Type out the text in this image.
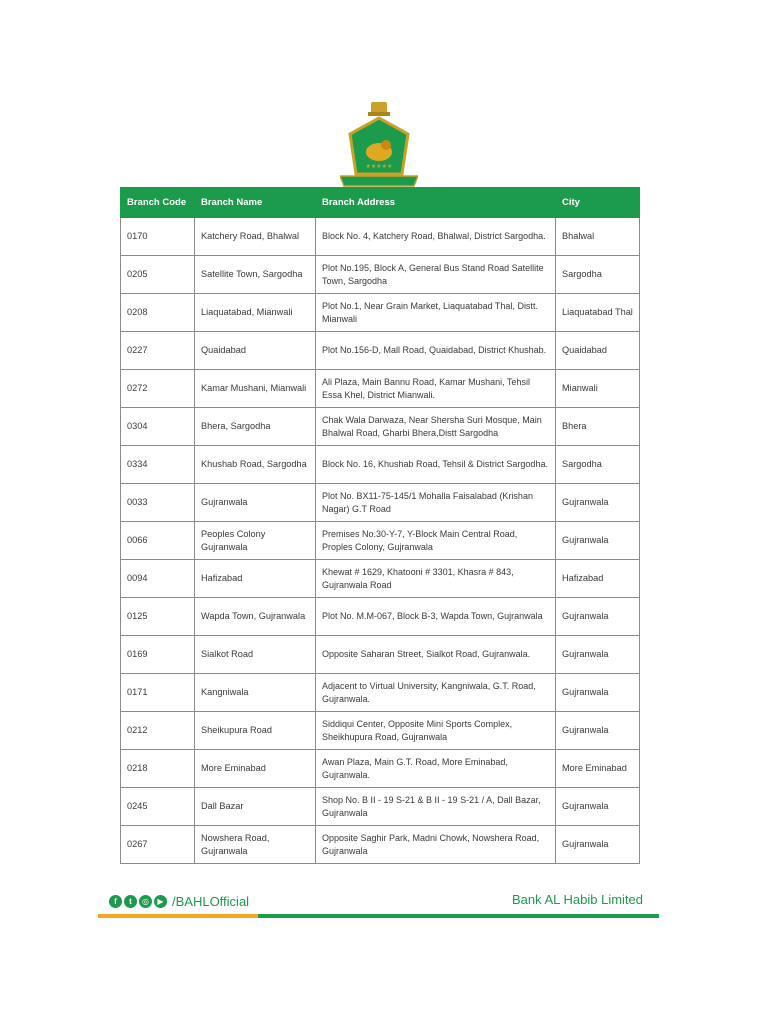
★★★★★
Branch Code	Branch Name	Branch Address	City
0170	Katchery Road, Bhalwal	Block No. 4, Katchery Road, Bhalwal, District Sargodha.	Bhalwal
0205	Satellite Town, Sargodha	Plot No.195, Block A, General Bus Stand Road Satellite Town, Sargodha	Sargodha
0208	Liaquatabad, Mianwali	Plot No.1, Near Grain Market, Liaquatabad Thal, Distt. Mianwali	Liaquatabad Thal
0227	Quaidabad	Plot No.156-D, Mall Road, Quaidabad, District Khushab.	Quaidabad
0272	Kamar Mushani, Mianwali	Ali Plaza, Main Bannu Road, Kamar Mushani, Tehsil Essa Khel, District Mianwali.	Mianwali
0304	Bhera, Sargodha	Chak Wala Darwaza, Near Shersha Suri Mosque, Main Bhalwal Road, Gharbi Bhera,Distt Sargodha	Bhera
0334	Khushab Road, Sargodha	Block No. 16, Khushab Road, Tehsil & District Sargodha.	Sargodha
0033	Gujranwala	Plot No. BX11-75-145/1 Mohalla Faisalabad (Krishan Nagar) G.T Road	Gujranwala
0066	Peoples Colony Gujranwala	Premises No.30-Y-7, Y-Block Main Central Road, Proples Colony, Gujranwala	Gujranwala
0094	Hafizabad	Khewat # 1629, Khatooni # 3301, Khasra # 843, Gujranwala Road	Hafizabad
0125	Wapda Town, Gujranwala	Plot No. M.M-067, Block B-3, Wapda Town, Gujranwala	Gujranwala
0169	Sialkot Road	Opposite Saharan Street, Sialkot Road, Gujranwala.	Gujranwala
0171	Kangniwala	Adjacent to Virtual University, Kangniwala, G.T. Road, Gujranwala.	Gujranwala
0212	Sheikupura Road	Siddiqui Center, Opposite Mini Sports Complex, Sheikhupura Road, Gujranwala	Gujranwala
0218	More Eminabad	Awan Plaza, Main G.T. Road, More Eminabad, Gujranwala.	More Eminabad
0245	Dall Bazar	Shop No. B II - 19 S-21 & B II - 19 S-21 / A, Dall Bazar, Gujranwala	Gujranwala
0267	Nowshera Road, Gujranwala	Opposite Saghir Park, Madni Chowk, Nowshera Road, Gujranwala	Gujranwala
f	t	◎	▶ /BAHLOfficial	Bank AL Habib Limited
